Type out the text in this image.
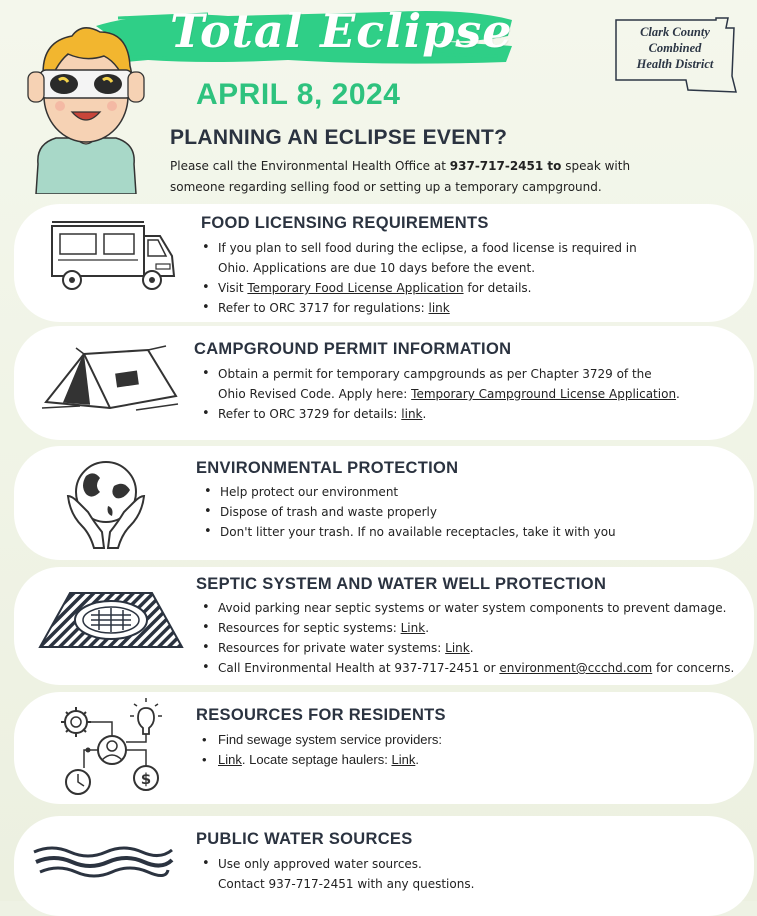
Total Eclipse
APRIL 8, 2024
Clark County
Combined
Health District
PLANNING AN ECLIPSE EVENT?
Please call the Environmental Health Office at 937-717-2451 to speak with someone regarding selling food or setting up a temporary campground.
FOOD LICENSING REQUIREMENTS
• If you plan to sell food during the eclipse, a food license is required in
Ohio. Applications are due 10 days before the event.
• Visit Temporary Food License Application for details.
• Refer to ORC 3717 for regulations: link
CAMPGROUND PERMIT INFORMATION
• Obtain a permit for temporary campgrounds as per Chapter 3729 of the
Ohio Revised Code. Apply here: Temporary Campground License Application.
• Refer to ORC 3729 for details: link.
ENVIRONMENTAL PROTECTION
• Help protect our environment
• Dispose of trash and waste properly
• Don't litter your trash. If no available receptacles, take it with you
SEPTIC SYSTEM AND WATER WELL PROTECTION
• Avoid parking near septic systems or water system components to prevent damage.
• Resources for septic systems: Link.
• Resources for private water systems: Link.
• Call Environmental Health at 937-717-2451 or environment@ccchd.com for concerns.
$
RESOURCES FOR RESIDENTS
• Find sewage system service providers:
• Link. Locate septage haulers: Link.
PUBLIC WATER SOURCES
• Use only approved water sources.
Contact 937-717-2451 with any questions.
